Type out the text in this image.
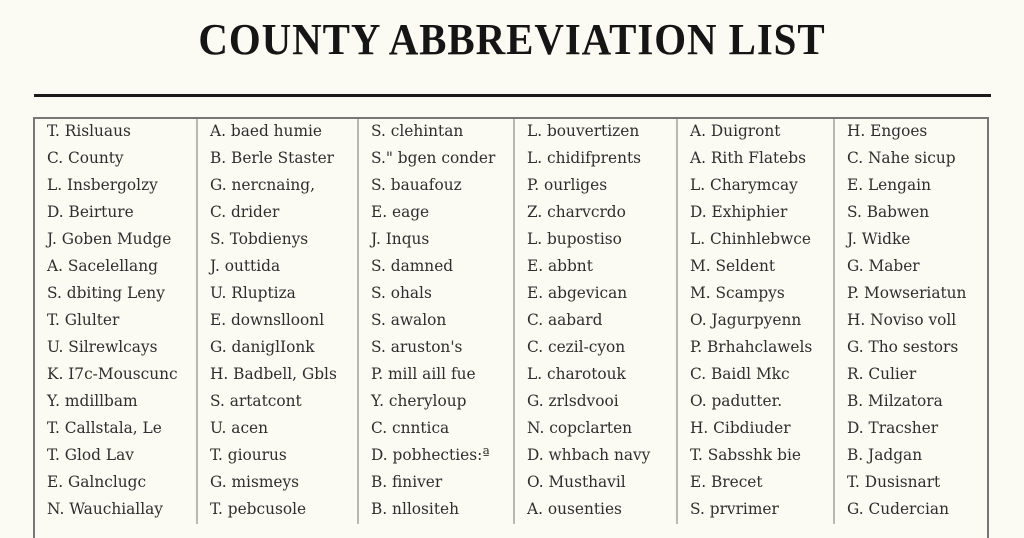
COUNTY ABBREVIATION LIST
T. Risluaus
C. County
L. Insbergolzy
D. Beirture
J. Goben Mudge
A. Sacelellang
S. dbiting Leny
T. Glulter
U. Silrewlcays
K. I7c-Mouscunc
Y. mdillbam
T. Callstala, Le
T. Glod Lav
E. Galnclugc
N. Wauchiallay
A. baed humie
B. Berle Staster
G. nercnaing,
C. drider
S. Tobdienys
J. outtida
U. Rluptiza
E. downslloonl
G. daniglIonk
H. Badbell, Gbls
S. artatcont
U. acen
T. giourus
G. mismeys
T. pebcusole
S. clehintan
S." bgen conder
S. bauafouz
E. eage
J. Inqus
S. damned
S. ohals
S. awalon
S. aruston's
P. mill aill fue
Y. cheryloup
C. cnntica
D. pobhecties:ª
B. finiver
B. nllositeh
L. bouvertizen
L. chidifprents
P. ourliges
Z. charvcrdo
L. bupostiso
E. abbnt
E. abgevican
C. aabard
C. cezil-cyon
L. charotouk
G. zrlsdvooi
N. copclarten
D. whbach navy
O. Musthavil
A. ousenties
A. Duigront
A. Rith Flatebs
L. Charymcay
D. Exhiphier
L. Chinhlebwce
M. Seldent
M. Scampys
O. Jagurpyenn
P. Brhahclawels
C. Baidl Mkc
O. padutter.
H. Cibdiuder
T. Sabsshk bie
E. Brecet
S. prvrimer
H. Engoes
C. Nahe sicup
E. Lengain
S. Babwen
J. Widke
G. Maber
P. Mowseriatun
H. Noviso voll
G. Tho sestors
R. Culier
B. Milzatora
D. Tracsher
B. Jadgan
T. Dusisnart
G. Cudercian
